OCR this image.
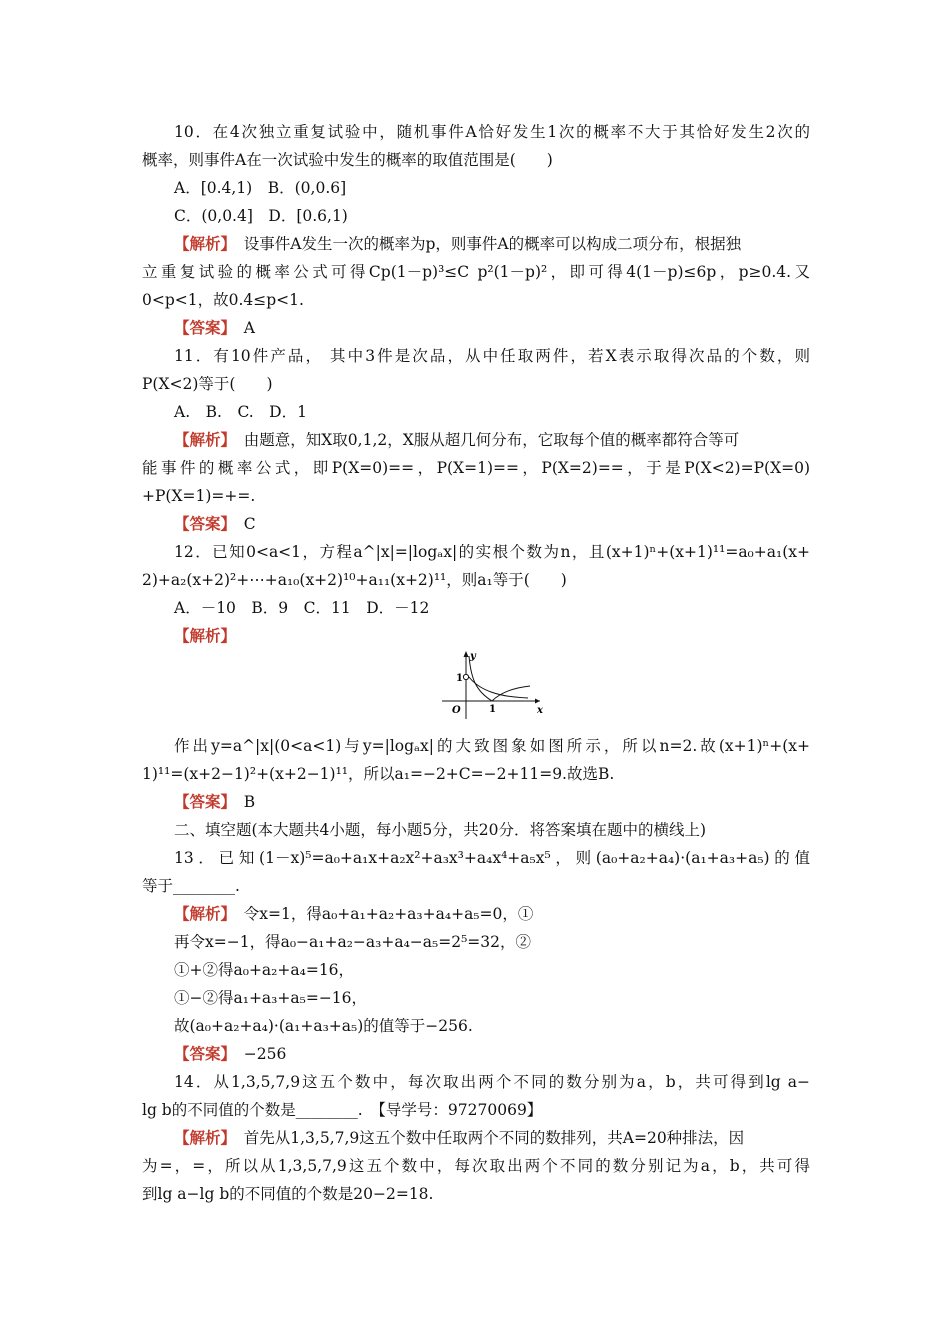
10．在4次独立重复试验中，随机事件A恰好发生1次的概率不大于其恰好发生2次的
概率，则事件A在一次试验中发生的概率的取值范围是(　　)
A．[0.4,1)　B．(0,0.6]
C．(0,0.4]　D．[0.6,1)
【解析】　设事件A发生一次的概率为p，则事件A的概率可以构成二项分布，根据独
立重复试验的概率公式可得Cp(1－p)³≤C p²(1－p)²，即可得4(1－p)≤6p，p≥0.4.又
0<p<1，故0.4≤p<1.
【答案】　A
11．有10件产品， 其中3件是次品，从中任取两件，若X表示取得次品的个数，则
P(X<2)等于(　　)
A.　B.　C.　D．1
【解析】　由题意，知X取0,1,2，X服从超几何分布，它取每个值的概率都符合等可
能事件的概率公式，即P(X=0)==，P(X=1)==，P(X=2)==，于是P(X<2)=P(X=0)
+P(X=1)=+=.
【答案】　C
12．已知0<a<1，方程a^|x|=|logₐx|的实根个数为n，且(x+1)ⁿ+(x+1)¹¹=a₀+a₁(x+
2)+a₂(x+2)²+⋯+a₁₀(x+2)¹⁰+a₁₁(x+2)¹¹，则a₁等于(　　)
A．－10　B．9　C．11　D．－12
【解析】
y
x
O	1
1
作出y=a^|x|(0<a<1)与y=|logₐx|的大致图象如图所示，所以n=2.故(x+1)ⁿ+(x+
1)¹¹=(x+2−1)²+(x+2−1)¹¹，所以a₁=−2+C=−2+11=9.故选B.
【答案】　B
二、填空题(本大题共4小题，每小题5分，共20分．将答案填在题中的横线上)
13．已知(1－x)⁵=a₀+a₁x+a₂x²+a₃x³+a₄x⁴+a₅x⁵，则(a₀+a₂+a₄)·(a₁+a₃+a₅)的值
等于________.
【解析】　令x=1，得a₀+a₁+a₂+a₃+a₄+a₅=0，①
再令x=−1，得a₀−a₁+a₂−a₃+a₄−a₅=2⁵=32，②
①+②得a₀+a₂+a₄=16，
①−②得a₁+a₃+a₅=−16，
故(a₀+a₂+a₄)·(a₁+a₃+a₅)的值等于−256.
【答案】　−256
14．从1,3,5,7,9这五个数中，每次取出两个不同的数分别为a，b，共可得到lg a−
lg b的不同值的个数是________.　【导学号：97270069】
【解析】　首先从1,3,5,7,9这五个数中任取两个不同的数排列，共A=20种排法，因
为=，=，所以从1,3,5,7,9这五个数中，每次取出两个不同的数分别记为a，b，共可得
到lg a−lg b的不同值的个数是20−2=18.
